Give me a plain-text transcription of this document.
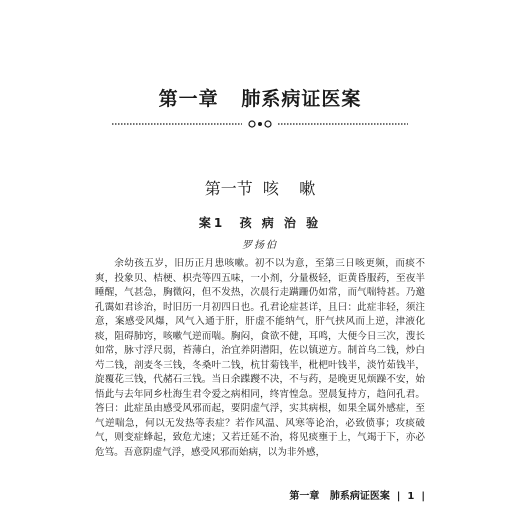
第一章   肺系病证医案
第一节  咳    嗽
案1  孩 病 治 验
罗扬伯

余幼孩五岁，旧历正月患咳嗽。初不以为意，至第三日咳更频，而痰不爽，投象贝、桔梗、枳壳等四五味，一小剂，分量极轻，讵黄昏服药，至夜半睡醒，气甚急，胸微闷，但不发热，次晨行走蹒跚仍如常，而气喘特甚。乃邀孔霭如君诊治，时旧历一月初四日也。孔君论症甚详，且曰：此症非轻，须注意，案感受风爆，风气入通于肝，肝虚不能纳气，肝气挟风而上逆，津液化痰，阻碍肺窍，咳嗽气逆而喘。胸闷，食欲不健，耳鸣，大便今日三次，溲长如常，脉寸浮尺弱，苔薄白，治宜养阴潜阳，佐以镇逆方。制首乌二钱，炒白芍二钱，剖麦冬三钱，冬桑叶二钱，杭甘菊钱半，枇杷叶钱半，淡竹茹钱半，旋覆花三钱，代赭石三钱。当日余蹀躞不决，不与药，是晚更见烦躁不安，始悟此与去年同乡杜海生君令爱之病相同，终宵惶急。翌晨复持方，趋问孔君。答曰：此症虽由感受风邪而起，要阴虚气浮，实其病根，如果全属外感症，至气逆喘急，何以无发热等表症？若作风温、风寒等论治，必致偾事；攻痰破气，则变症蜂起，致危尤速；又若迁延不治，将见痰壅于上，气竭于下，亦必危笃。吾意阴虚气浮，感受风邪而始病，以为非外感，

第一章   肺系病证医案  |  1  |
